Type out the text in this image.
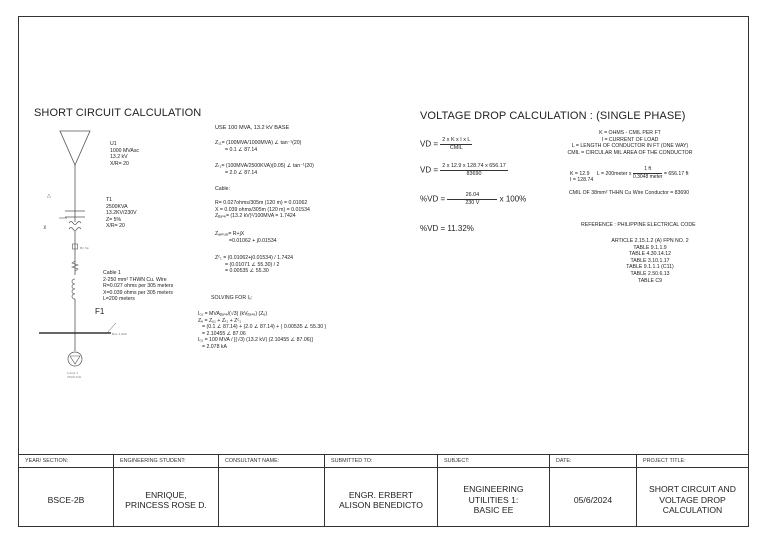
SHORT CIRCUIT CALCULATION
△
⊻
B1 Sp
Bus 1,600
Lump 1
2500 kVA
U1
1000 MVAsc
13.2 kV
X/R= 20
T1
2500KVA
13.2KV/230V
Z= 5%
X/R= 20
Cable 1
2-250 mm² THWN Cu. Wire
R=0.027 ohms per 305 meters
X=0.039 ohms per 305 meters
L=200 meters
F1
USE 100 MVA, 13.2 kV BASE
Z₁₁= (100MVA/1000MVA) ∠ tan⁻¹(20)
= 0.1 ∠ 87.14
Zₜ₁= (100MVA/2500KVA)(0.05) ∠ tan⁻¹(20)
= 2.0 ∠ 87.14
Cable:
R= 0.027ohms/305m (120 m) = 0.01062
X = 0.039 ohms/305m (120 m) = 0.01534
Zᵦₐₛₑ= (13.2 kV)²/100MVA = 1.7424
Zₐₑₜᵤₐₗ= R+jX
=0.01062 + j0.01534
Zᶜ₁ = (0.01062+j0.01534) / 1.7424
= (0.01071 ∠ 55.30) / 2
= 0.00535 ∠ 55.30
SOLVING FOR Iₒ:
Iₒ₁ = MVAᵦₐₛₑ/(√3) (kVᵦₐₛₑ) (Zₑ)
Zₑ = Zᵤ₁ + Zₜ₁ + Zᶜ₁
= (0.1 ∠ 87.14) + (2.0 ∠ 87.14) + ( 0.00535 ∠ 55.30 )
= 2.10455 ∠ 87.06
Iₒ₁ = 100 MVA / [(√3) (13.2 kV) (2.10455 ∠ 87.06)]
= 2.078 kA
VOLTAGE DROP CALCULATION : (SINGLE PHASE)
VD = $\frac{\text{2 x K x I x L}}{\text{CMIL}}$
VD = $\frac{2 x 12.9 x 128.74 x 656.17}{83690}$
$\%VD = \frac{26.04}{230 V}$ x 100%
%VD = 11.32%
K = OHMS - CMIL PER FT
I = CURRENT OF LOAD
L = LENGTH OF CONDUCTOR IN FT (ONE WAY)
CMIL = CIRCULAR MIL AREA OF THE CONDUCTOR
K = 12.9 L = 200meter x $\frac{1 ft}{\text{0.3048 meter}} = 656.17$ ft
I = 128.74
CMIL OF 38mm² THHN Cu Wire Conductor = 83690
REFERENCE : PHILIPPINE ELECTRICAL CODE
ARTICLE 2.15.1.2 (A) FPN NO. 2
TABLE 9.1.1.9
TABLE 4.30.14.12
TABLE 3.10.1.17
TABLE 9.1.1.1 (C11)
TABLE 2.50.6.13
TABLE C9
YEAR/ SECTION:
BSCE-2B
ENGINEERING STUDENT:
ENRIQUE,
PRINCESS ROSE D.
CONSULTANT NAME:	SUBMITTED TO:
ENGR. ERBERT
ALISON BENEDICTO
SUBJECT:
ENGINEERING
UTILITIES 1:
BASIC EE
DATE:
05/6/2024
PROJECT TITLE:
SHORT CIRCUIT AND
VOLTAGE DROP
CALCULATION
